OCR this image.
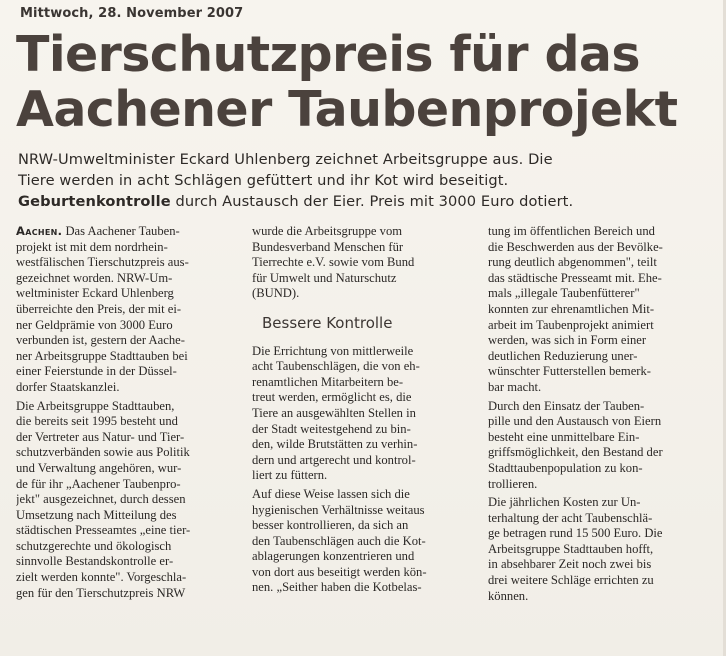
Mittwoch, 28. November 2007
Tierschutzpreis für das
Aachener Taubenprojekt
NRW-Umweltminister Eckard Uhlenberg zeichnet Arbeitsgruppe aus. Die
Tiere werden in acht Schlägen gefüttert und ihr Kot wird beseitigt.
Geburtenkontrolle durch Austausch der Eier. Preis mit 3000 Euro dotiert.

Aachen. Das Aachener Tauben-
projekt ist mit dem nordrhein-
westfälischen Tierschutzpreis aus-
gezeichnet worden. NRW-Um-
weltminister Eckard Uhlenberg
überreichte den Preis, der mit ei-
ner Geldprämie von 3000 Euro
verbunden ist, gestern der Aache-
ner Arbeitsgruppe Stadttauben bei
einer Feierstunde in der Düssel-
dorfer Staatskanzlei.

Die Arbeitsgruppe Stadttauben,
die bereits seit 1995 besteht und
der Vertreter aus Natur- und Tier-
schutzverbänden sowie aus Politik
und Verwaltung angehören, wur-
de für ihr „Aachener Taubenpro-
jekt" ausgezeichnet, durch dessen
Umsetzung nach Mitteilung des
städtischen Presseamtes „eine tier-
schutzgerechte und ökologisch
sinnvolle Bestandskontrolle er-
zielt werden konnte". Vorgeschla-
gen für den Tierschutzpreis NRW

wurde die Arbeitsgruppe vom
Bundesverband Menschen für
Tierrechte e.V. sowie vom Bund
für Umwelt und Naturschutz
(BUND).

Bessere Kontrolle

Die Errichtung von mittlerweile
acht Taubenschlägen, die von eh-
renamtlichen Mitarbeitern be-
treut werden, ermöglicht es, die
Tiere an ausgewählten Stellen in
der Stadt weitestgehend zu bin-
den, wilde Brutstätten zu verhin-
dern und artgerecht und kontrol-
liert zu füttern.

Auf diese Weise lassen sich die
hygienischen Verhältnisse weitaus
besser kontrollieren, da sich an
den Taubenschlägen auch die Kot-
ablagerungen konzentrieren und
von dort aus beseitigt werden kön-
nen. „Seither haben die Kotbelas-

tung im öffentlichen Bereich und
die Beschwerden aus der Bevölke-
rung deutlich abgenommen", teilt
das städtische Presseamt mit. Ehe-
mals „illegale Taubenfütterer"
konnten zur ehrenamtlichen Mit-
arbeit im Taubenprojekt animiert
werden, was sich in Form einer
deutlichen Reduzierung uner-
wünschter Futterstellen bemerk-
bar macht.

Durch den Einsatz der Tauben-
pille und den Austausch von Eiern
besteht eine unmittelbare Ein-
griffsmöglichkeit, den Bestand der
Stadttaubenpopulation zu kon-
trollieren.

Die jährlichen Kosten zur Un-
terhaltung der acht Taubenschlä-
ge betragen rund 15 500 Euro. Die
Arbeitsgruppe Stadttauben hofft,
in absehbarer Zeit noch zwei bis
drei weitere Schläge errichten zu
können.
